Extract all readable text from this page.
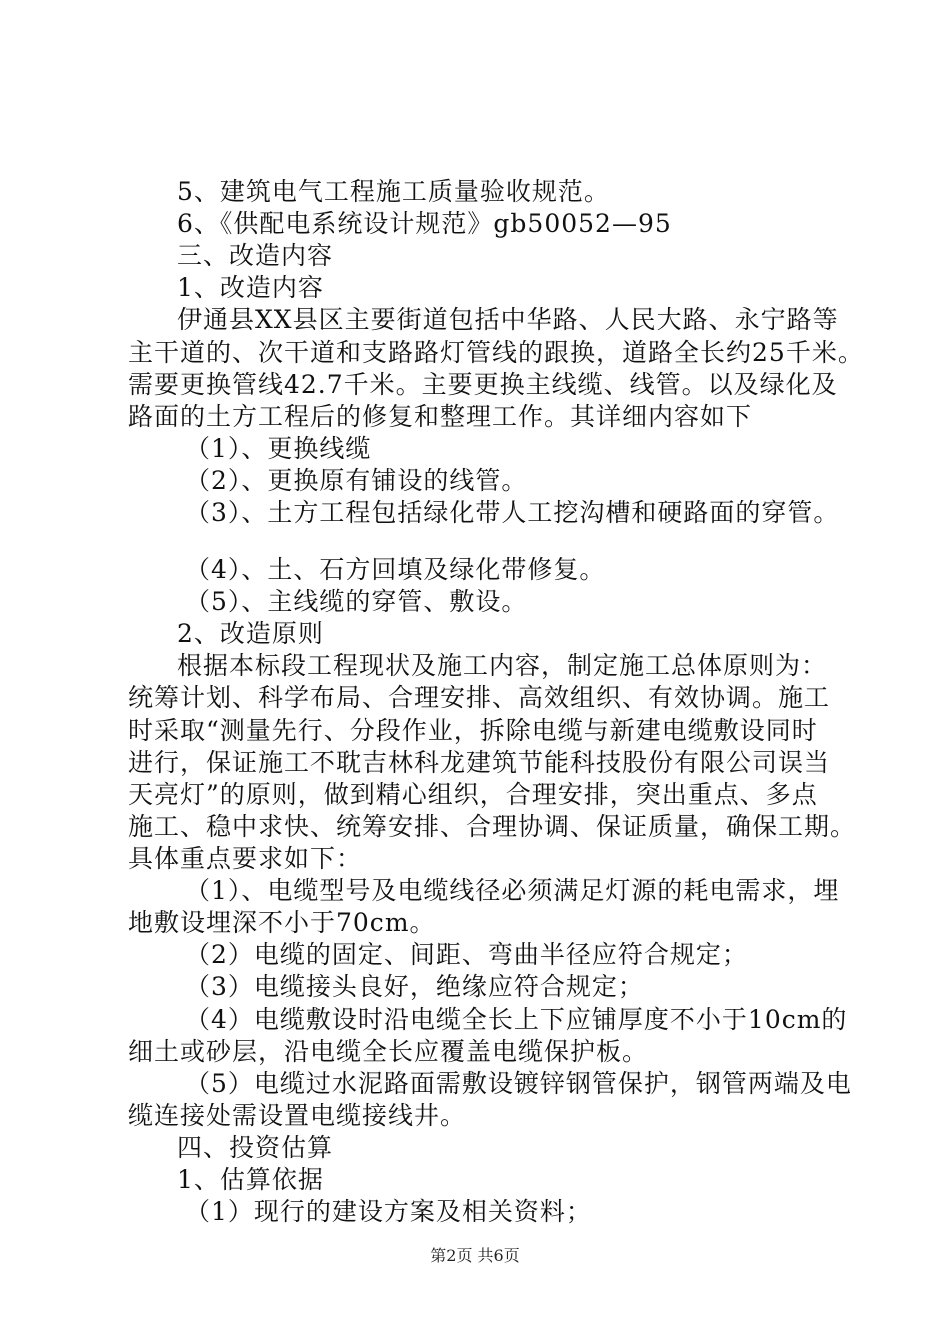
5、建筑电气工程施工质量验收规范。
6、《供配电系统设计规范》gb50052—95
三、改造内容
1、改造内容
伊通县XX县区主要街道包括中华路、人民大路、永宁路等
主干道的、次干道和支路路灯管线的跟换，道路全长约25千米。
需要更换管线42.7千米。主要更换主线缆、线管。以及绿化及
路面的土方工程后的修复和整理工作。其详细内容如下
（1）、更换线缆
（2）、更换原有铺设的线管。
（3）、土方工程包括绿化带人工挖沟槽和硬路面的穿管。
（4）、土、石方回填及绿化带修复。
（5）、主线缆的穿管、敷设。
2、改造原则
根据本标段工程现状及施工内容，制定施工总体原则为：
统筹计划、科学布局、合理安排、高效组织、有效协调。施工
时采取“测量先行、分段作业，拆除电缆与新建电缆敷设同时
进行，保证施工不耽吉林科龙建筑节能科技股份有限公司误当
天亮灯”的原则，做到精心组织，合理安排，突出重点、多点
施工、稳中求快、统筹安排、合理协调、保证质量，确保工期。
具体重点要求如下：
（1）、电缆型号及电缆线径必须满足灯源的耗电需求，埋
地敷设埋深不小于70cm。
（2）电缆的固定、间距、弯曲半径应符合规定；
（3）电缆接头良好，绝缘应符合规定；
（4）电缆敷设时沿电缆全长上下应铺厚度不小于10cm的
细土或砂层，沿电缆全长应覆盖电缆保护板。
（5）电缆过水泥路面需敷设镀锌钢管保护，钢管两端及电
缆连接处需设置电缆接线井。
四、投资估算
1、估算依据
（1）现行的建设方案及相关资料；
第2页 共6页
